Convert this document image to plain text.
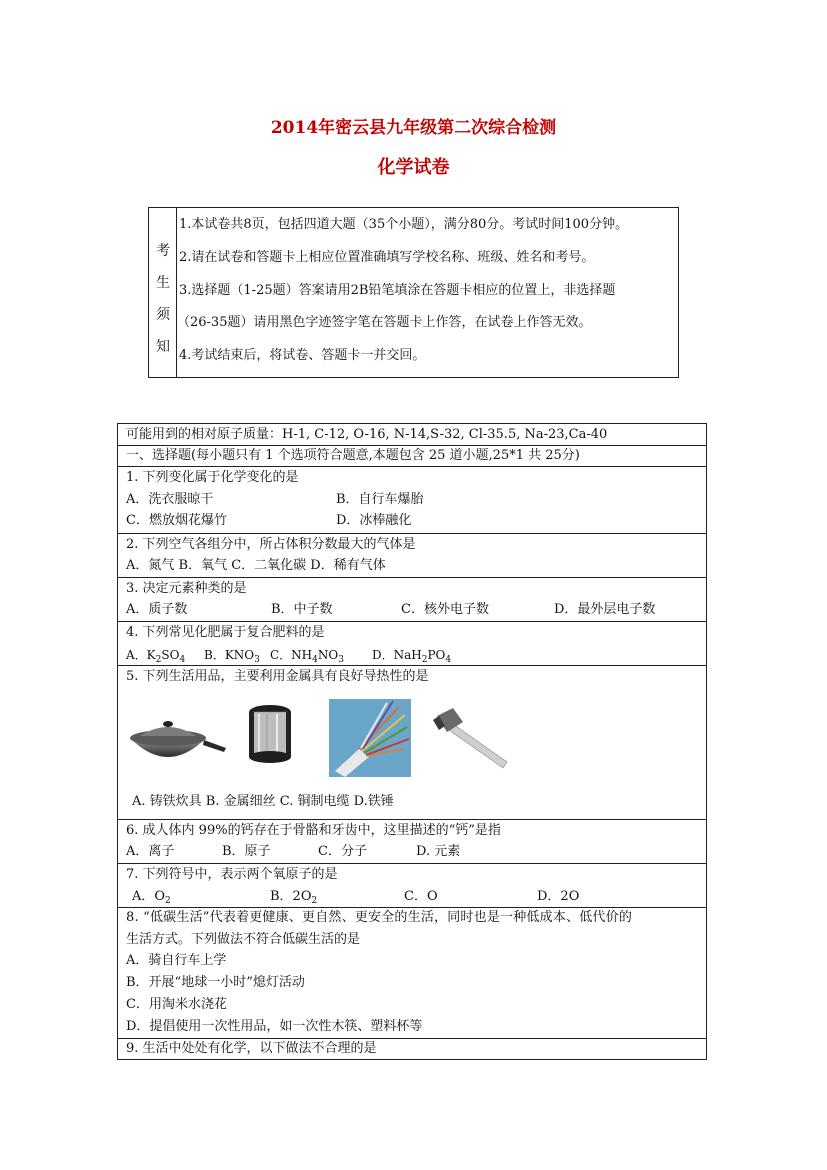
2014年密云县九年级第二次综合检测
化学试卷
考
生
须
知
1.本试卷共8页，包括四道大题（35个小题），满分80分。考试时间100分钟。
2.请在试卷和答题卡上相应位置准确填写学校名称、班级、姓名和考号。
3.选择题（1-25题）答案请用2B铅笔填涂在答题卡相应的位置上，非选择题
（26-35题）请用黑色字迹签字笔在答题卡上作答，在试卷上作答无效。
4.考试结束后，将试卷、答题卡一并交回。
可能用到的相对原子质量：H-1, C-12, O-16, N-14,S-32, Cl-35.5, Na-23,Ca-40
一、选择题(每小题只有 1 个选项符合题意,本题包含 25 道小题,25*1 共 25分)
1. 下列变化属于化学变化的是
A．洗衣服晾干	B．自行车爆胎
C．燃放烟花爆竹	D．冰棒融化
2. 下列空气各组分中，所占体积分数最大的气体是
A．氮气 B．氧气 C．二氧化碳 D．稀有气体
3. 决定元素种类的是
A．质子数	B．中子数	C．核外电子数	D．最外层电子数
4. 下列常见化肥属于复合肥料的是
A．$K_2SO_4$ B．$KNO_3$ C．$NH_4NO_3$ D．$NaH_2PO_4$
5. 下列生活用品，主要利用金属具有良好导热性的是
A. 铸铁炊具 B. 金属细丝 C. 铜制电缆 D.铁锤
6. 成人体内 99%的钙存在于骨骼和牙齿中，这里描述的“钙”是指
A．离子	B．原子	C．分子	D. 元素
7. 下列符号中，表示两个氧原子的是
A．$O_2$	B．$2O_2$	C．O	D．2O
8. “低碳生活”代表着更健康、更自然、更安全的生活，同时也是一种低成本、低代价的
生活方式。下列做法不符合低碳生活的是
A．骑自行车上学
B．开展“地球一小时”熄灯活动
C．用淘米水浇花
D．提倡使用一次性用品，如一次性木筷、塑料杯等
9. 生活中处处有化学，以下做法不合理的是
